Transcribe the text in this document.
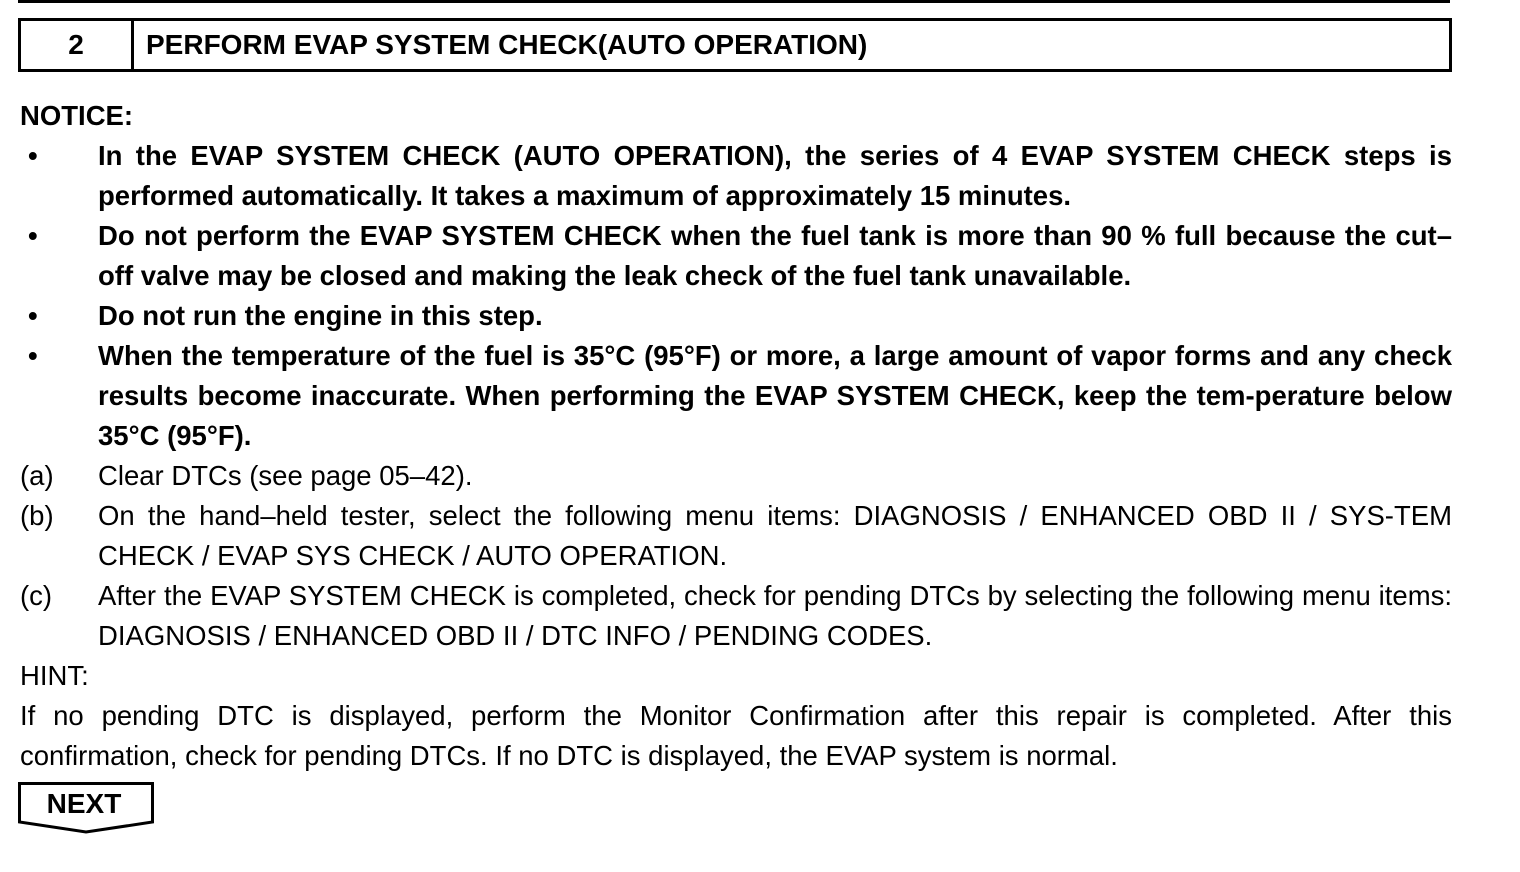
2	PERFORM EVAP SYSTEM CHECK(AUTO OPERATION)
NOTICE:
•	In the EVAP SYSTEM CHECK (AUTO OPERATION), the series of 4 EVAP SYSTEM CHECK steps is performed automatically. It takes a maximum of approximately 15 minutes.
•	Do not perform the EVAP SYSTEM CHECK when the fuel tank is more than 90 % full because the cut–off valve may be closed and making the leak check of the fuel tank unavailable.
•	Do not run the engine in this step.
•	When the temperature of the fuel is 35°C (95°F) or more, a large amount of vapor forms and any check results become inaccurate. When performing the EVAP SYSTEM CHECK, keep the tem-perature below 35°C (95°F).
(a)	Clear DTCs (see page 05–42).
(b)	On the hand–held tester, select the following menu items: DIAGNOSIS / ENHANCED OBD II / SYS-TEM CHECK / EVAP SYS CHECK / AUTO OPERATION.
(c)	After the EVAP SYSTEM CHECK is completed, check for pending DTCs by selecting the following menu items: DIAGNOSIS / ENHANCED OBD II / DTC INFO / PENDING CODES.
HINT:
If no pending DTC is displayed, perform the Monitor Confirmation after this repair is completed. After this confirmation, check for pending DTCs. If no DTC is displayed, the EVAP system is normal.
NEXT
